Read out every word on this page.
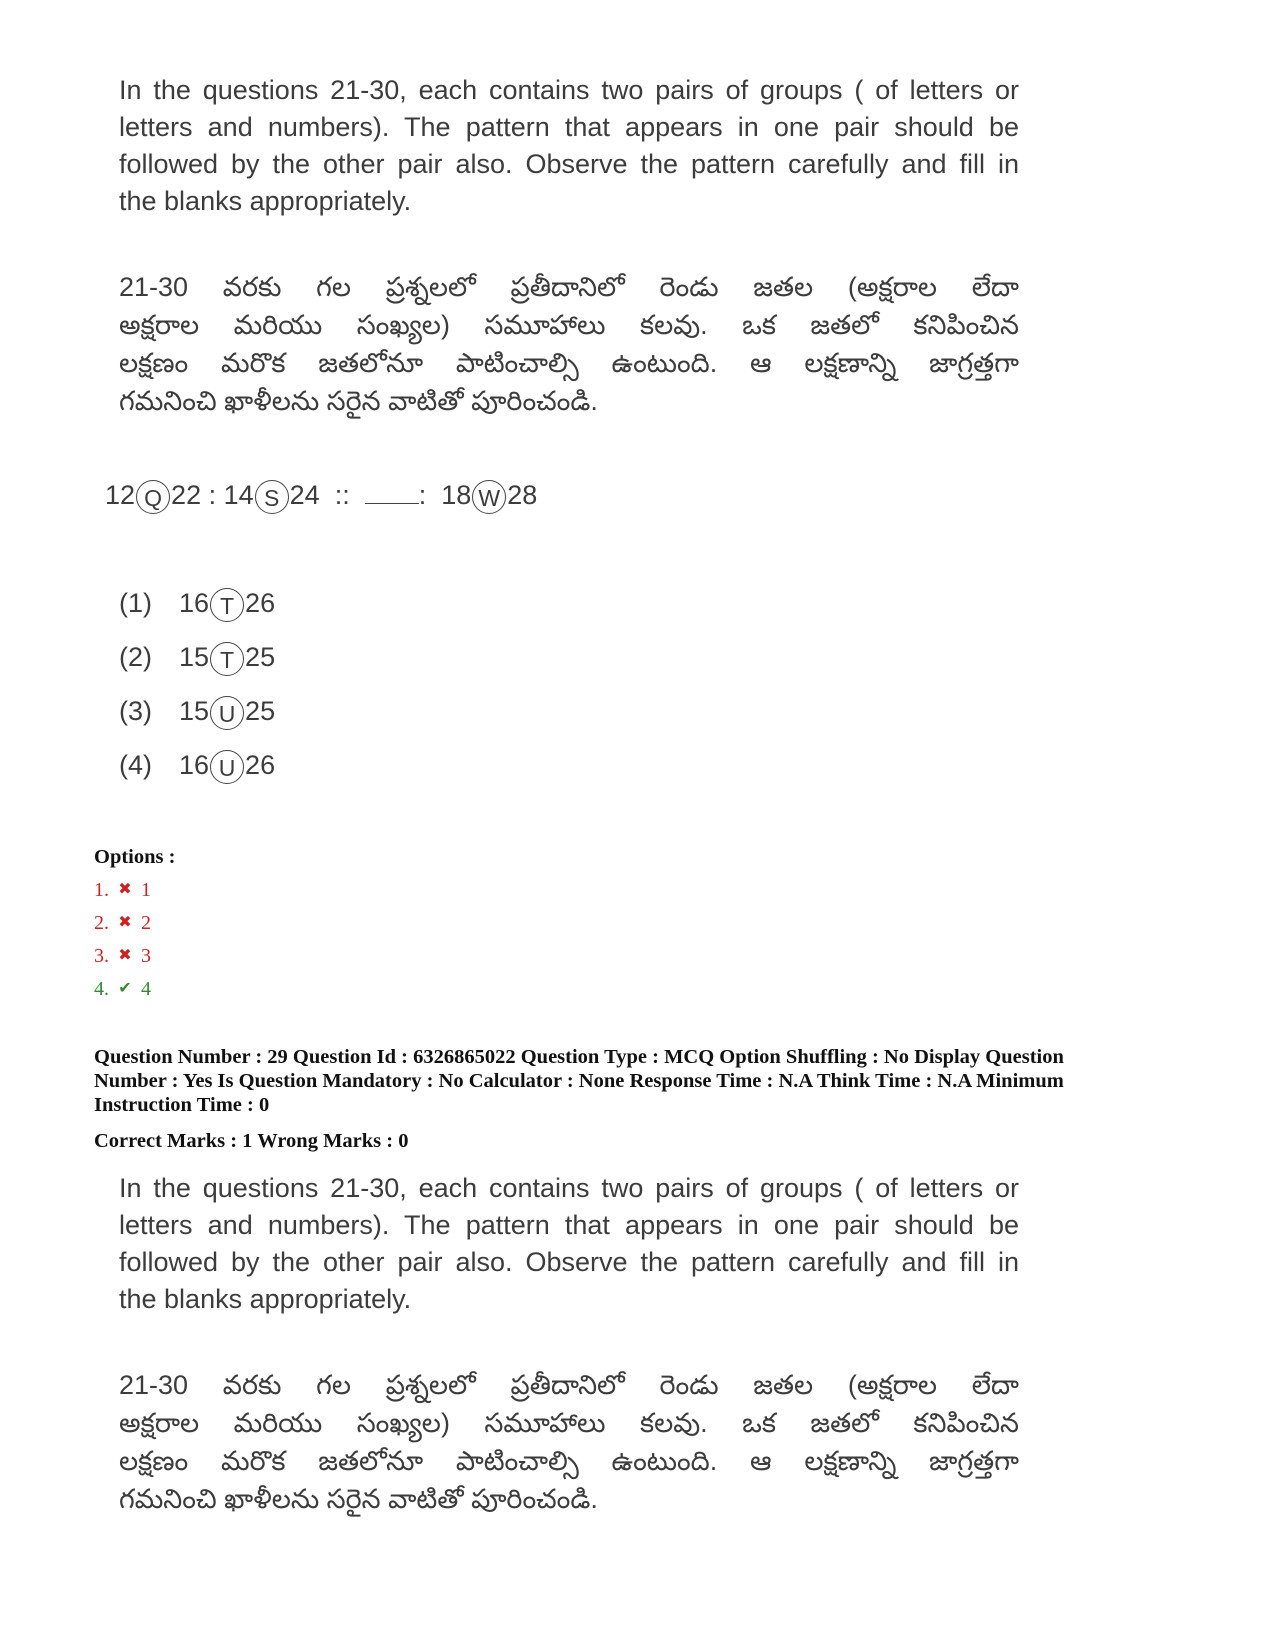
In the questions 21-30, each contains two pairs of groups ( of letters or
letters and numbers). The pattern that appears in one pair should be
followed by the other pair also. Observe the pattern carefully and fill in
the blanks appropriately.
21-30 వరకు గల ప్రశ్నలలో ప్రతీదానిలో రెండు జతల (అక్షరాల లేదా
అక్షరాల మరియు సంఖ్యల) సమూహాలు కలవు. ఒక జతలో కనిపించిన
లక్షణం మరొక జతలోనూ పాటించాల్సి ఉంటుంది. ఆ లక్షణాన్ని జాగ్రత్తగా
గమనించి ఖాళీలను సరైన వాటితో పూరించండి.
12 Q 22 : 14 S 24  ::  :  18 W 28
(1) 16 T 26
(2) 15 T 25
(3) 15 U 25
(4) 16 U 26
Options :
1. ✖ 1
2. ✖ 2
3. ✖ 3
4. ✔ 4
Question Number : 29 Question Id : 6326865022 Question Type : MCQ Option Shuffling : No Display Question
Number : Yes Is Question Mandatory : No Calculator : None Response Time : N.A Think Time : N.A Minimum
Instruction Time : 0
Correct Marks : 1 Wrong Marks : 0
In the questions 21-30, each contains two pairs of groups ( of letters or
letters and numbers). The pattern that appears in one pair should be
followed by the other pair also. Observe the pattern carefully and fill in
the blanks appropriately.
21-30 వరకు గల ప్రశ్నలలో ప్రతీదానిలో రెండు జతల (అక్షరాల లేదా
అక్షరాల మరియు సంఖ్యల) సమూహాలు కలవు. ఒక జతలో కనిపించిన
లక్షణం మరొక జతలోనూ పాటించాల్సి ఉంటుంది. ఆ లక్షణాన్ని జాగ్రత్తగా
గమనించి ఖాళీలను సరైన వాటితో పూరించండి.
